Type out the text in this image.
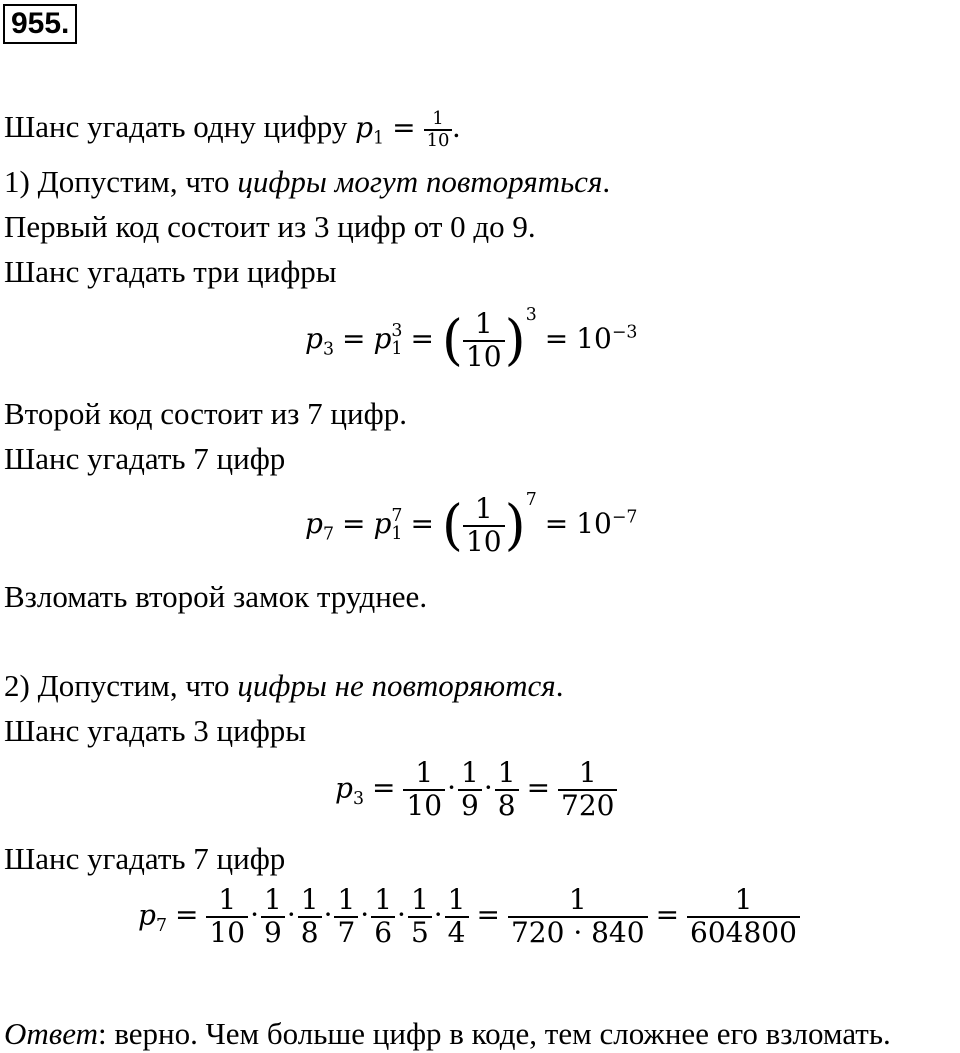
955.
Шанс угадать одну цифру $p_1 = \frac{1}{10}$ .
1) Допустим, что цифры могут повторяться.
Первый код состоит из 3 цифр от 0 до 9.
Шанс угадать три цифры
$p_3 = p$ 3
1 = ( $\frac{1}{10} )^3= 10^{-3}$
Второй код состоит из 7 цифр.
Шанс угадать 7 цифр
$p_7 = p$ 7
1 = ( $\frac{1}{10} )^7= 10^{-7}$
Взломать второй замок труднее.
2) Допустим, что цифры не повторяются.
Шанс угадать 3 цифры
$p_3 = \frac{1}{10} \cdot \frac{1}{9} \cdot \frac{1}{8} = \frac{1}{720}$
Шанс угадать 7 цифр
$p_7 = \frac{1}{10} \cdot \frac{1}{9} \cdot \frac{1}{8} \cdot \frac{1}{7} \cdot \frac{1}{6} \cdot \frac{1}{5} \cdot \frac{1}{4} = \frac{1}{720 \cdot 840} = \frac{1}{604800}$
Ответ: верно. Чем больше цифр в коде, тем сложнее его взломать.
